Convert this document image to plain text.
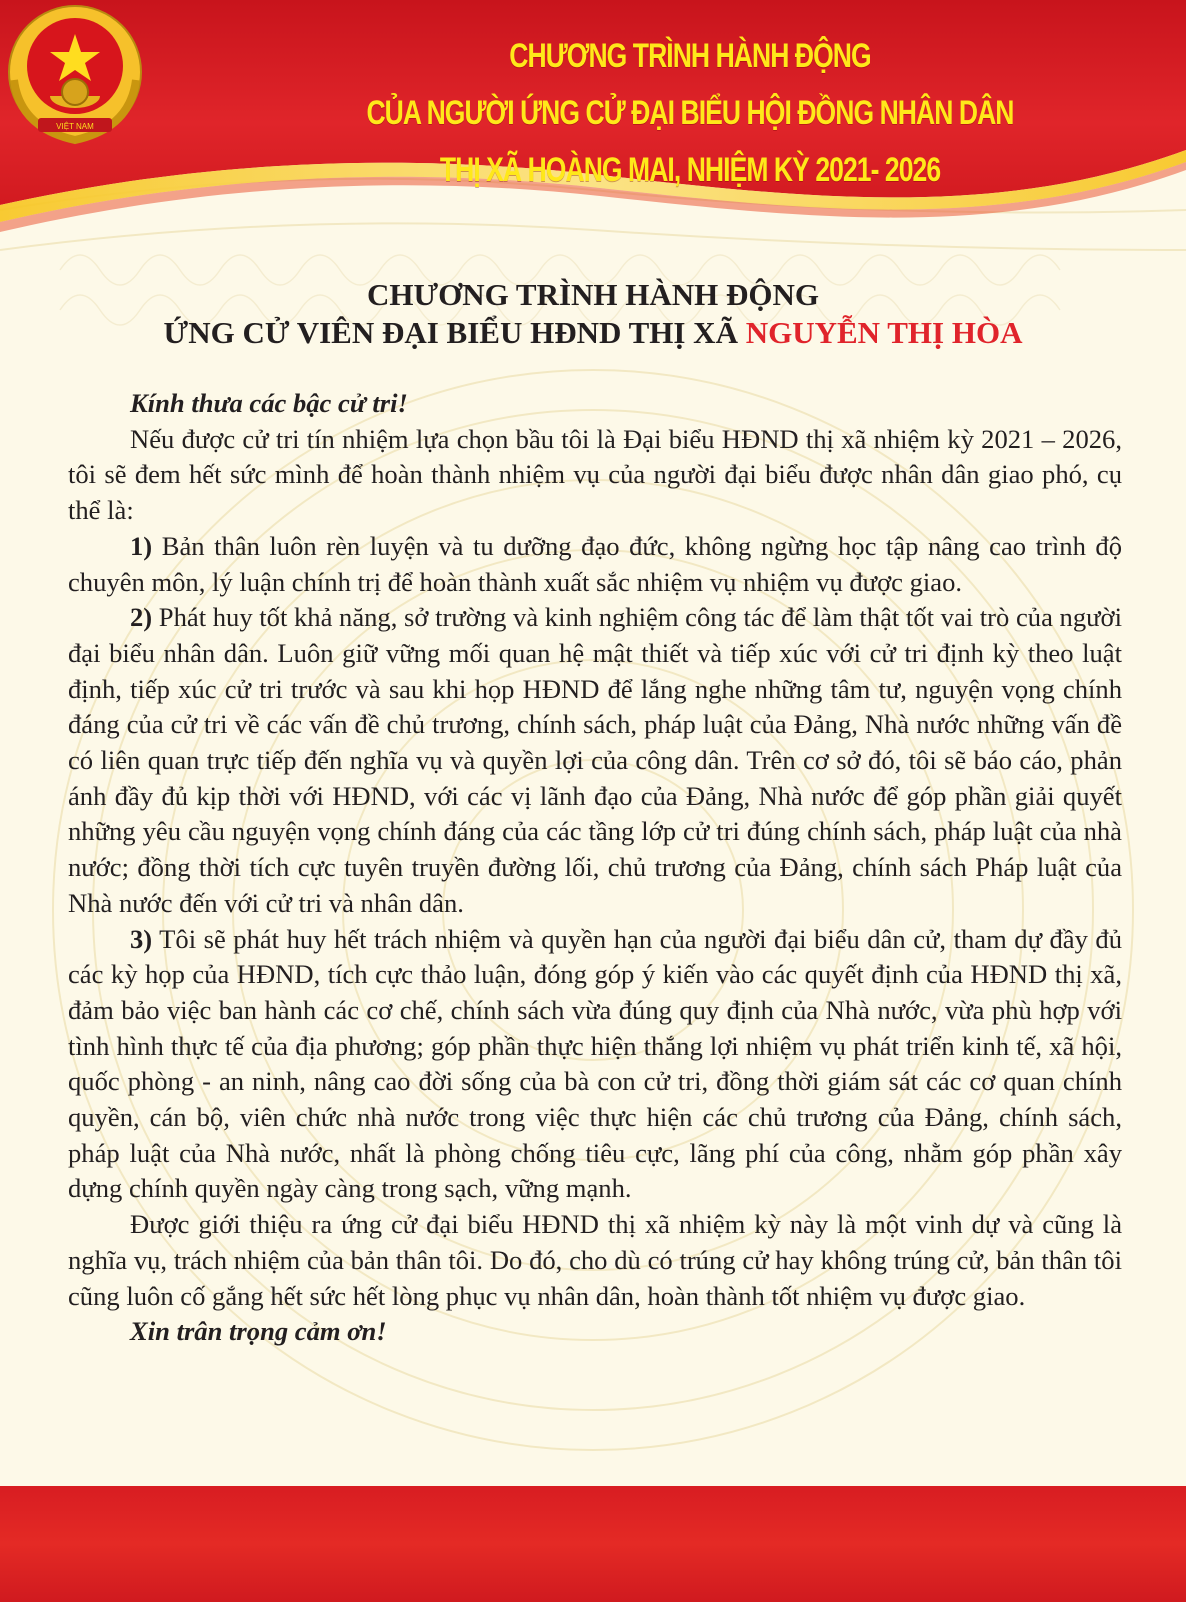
VIỆT NAM
CHƯƠNG TRÌNH HÀNH ĐỘNG
CỦA NGƯỜI ỨNG CỬ ĐẠI BIỂU HỘI ĐỒNG NHÂN DÂN
THỊ XÃ HOÀNG MAI, NHIỆM KỲ 2021- 2026
CHƯƠNG TRÌNH HÀNH ĐỘNG
ỨNG CỬ VIÊN ĐẠI BIỂU HĐND THỊ XÃ NGUYỄN THỊ HÒA

Kính thưa các bậc cử tri!

Nếu được cử tri tín nhiệm lựa chọn bầu tôi là Đại biểu HĐND thị xã nhiệm kỳ 2021 – 2026, tôi sẽ đem hết sức mình để hoàn thành nhiệm vụ của người đại biểu được nhân dân giao phó, cụ thể là:

1) Bản thân luôn rèn luyện và tu dưỡng đạo đức, không ngừng học tập nâng cao trình độ chuyên môn, lý luận chính trị để hoàn thành xuất sắc nhiệm vụ nhiệm vụ được giao.

2) Phát huy tốt khả năng, sở trường và kinh nghiệm công tác để làm thật tốt vai trò của người đại biểu nhân dân. Luôn giữ vững mối quan hệ mật thiết và tiếp xúc với cử tri định kỳ theo luật định, tiếp xúc cử tri trước và sau khi họp HĐND để lắng nghe những tâm tư, nguyện vọng chính đáng của cử tri về các vấn đề chủ trương, chính sách, pháp luật của Đảng, Nhà nước những vấn đề có liên quan trực tiếp đến nghĩa vụ và quyền lợi của công dân. Trên cơ sở đó, tôi sẽ báo cáo, phản ánh đầy đủ kịp thời với HĐND, với các vị lãnh đạo của Đảng, Nhà nước để góp phần giải quyết những yêu cầu nguyện vọng chính đáng của các tầng lớp cử tri đúng chính sách, pháp luật của nhà nước; đồng thời tích cực tuyên truyền đường lối, chủ trương của Đảng, chính sách Pháp luật của Nhà nước đến với cử tri và nhân dân.

3) Tôi sẽ phát huy hết trách nhiệm và quyền hạn của người đại biểu dân cử, tham dự đầy đủ các kỳ họp của HĐND, tích cực thảo luận, đóng góp ý kiến vào các quyết định của HĐND thị xã, đảm bảo việc ban hành các cơ chế, chính sách vừa đúng quy định của Nhà nước, vừa phù hợp với tình hình thực tế của địa phương; góp phần thực hiện thắng lợi nhiệm vụ phát triển kinh tế, xã hội, quốc phòng - an ninh, nâng cao đời sống của bà con cử tri, đồng thời giám sát các cơ quan chính quyền, cán bộ, viên chức nhà nước trong việc thực hiện các chủ trương của Đảng, chính sách, pháp luật của Nhà nước, nhất là phòng chống tiêu cực, lãng phí của công, nhằm góp phần xây dựng chính quyền ngày càng trong sạch, vững mạnh.

Được giới thiệu ra ứng cử đại biểu HĐND thị xã nhiệm kỳ này là một vinh dự và cũng là nghĩa vụ, trách nhiệm của bản thân tôi. Do đó, cho dù có trúng cử hay không trúng cử, bản thân tôi cũng luôn cố gắng hết sức hết lòng phục vụ nhân dân, hoàn thành tốt nhiệm vụ được giao.

Xin trân trọng cảm ơn!
